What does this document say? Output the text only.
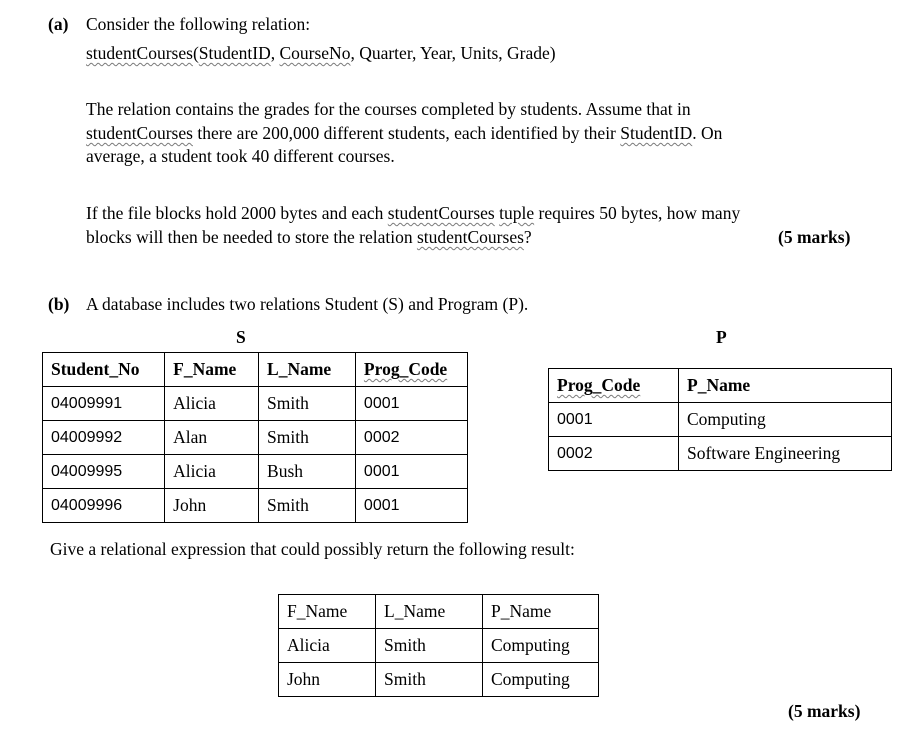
(a) Consider the following relation:
studentCourses(StudentID, CourseNo, Quarter, Year, Units, Grade)
The relation contains the grades for the courses completed by students. Assume that in
studentCourses there are 200,000 different students, each identified by their StudentID. On
average, a student took 40 different courses.
If the file blocks hold 2000 bytes and each studentCourses tuple requires 50 bytes, how many
blocks will then be needed to store the relation studentCourses?	(5 marks)
(b) A database includes two relations Student (S) and Program (P).
S	P
Student_No	F_Name	L_Name	Prog_Code
04009991	Alicia	Smith	0001
04009992	Alan	Smith	0002
04009995	Alicia	Bush	0001
04009996	John	Smith	0001
Prog_Code	P_Name
0001	Computing
0002	Software Engineering
Give a relational expression that could possibly return the following result:
F_Name	L_Name	P_Name
Alicia	Smith	Computing
John	Smith	Computing
(5 marks)
